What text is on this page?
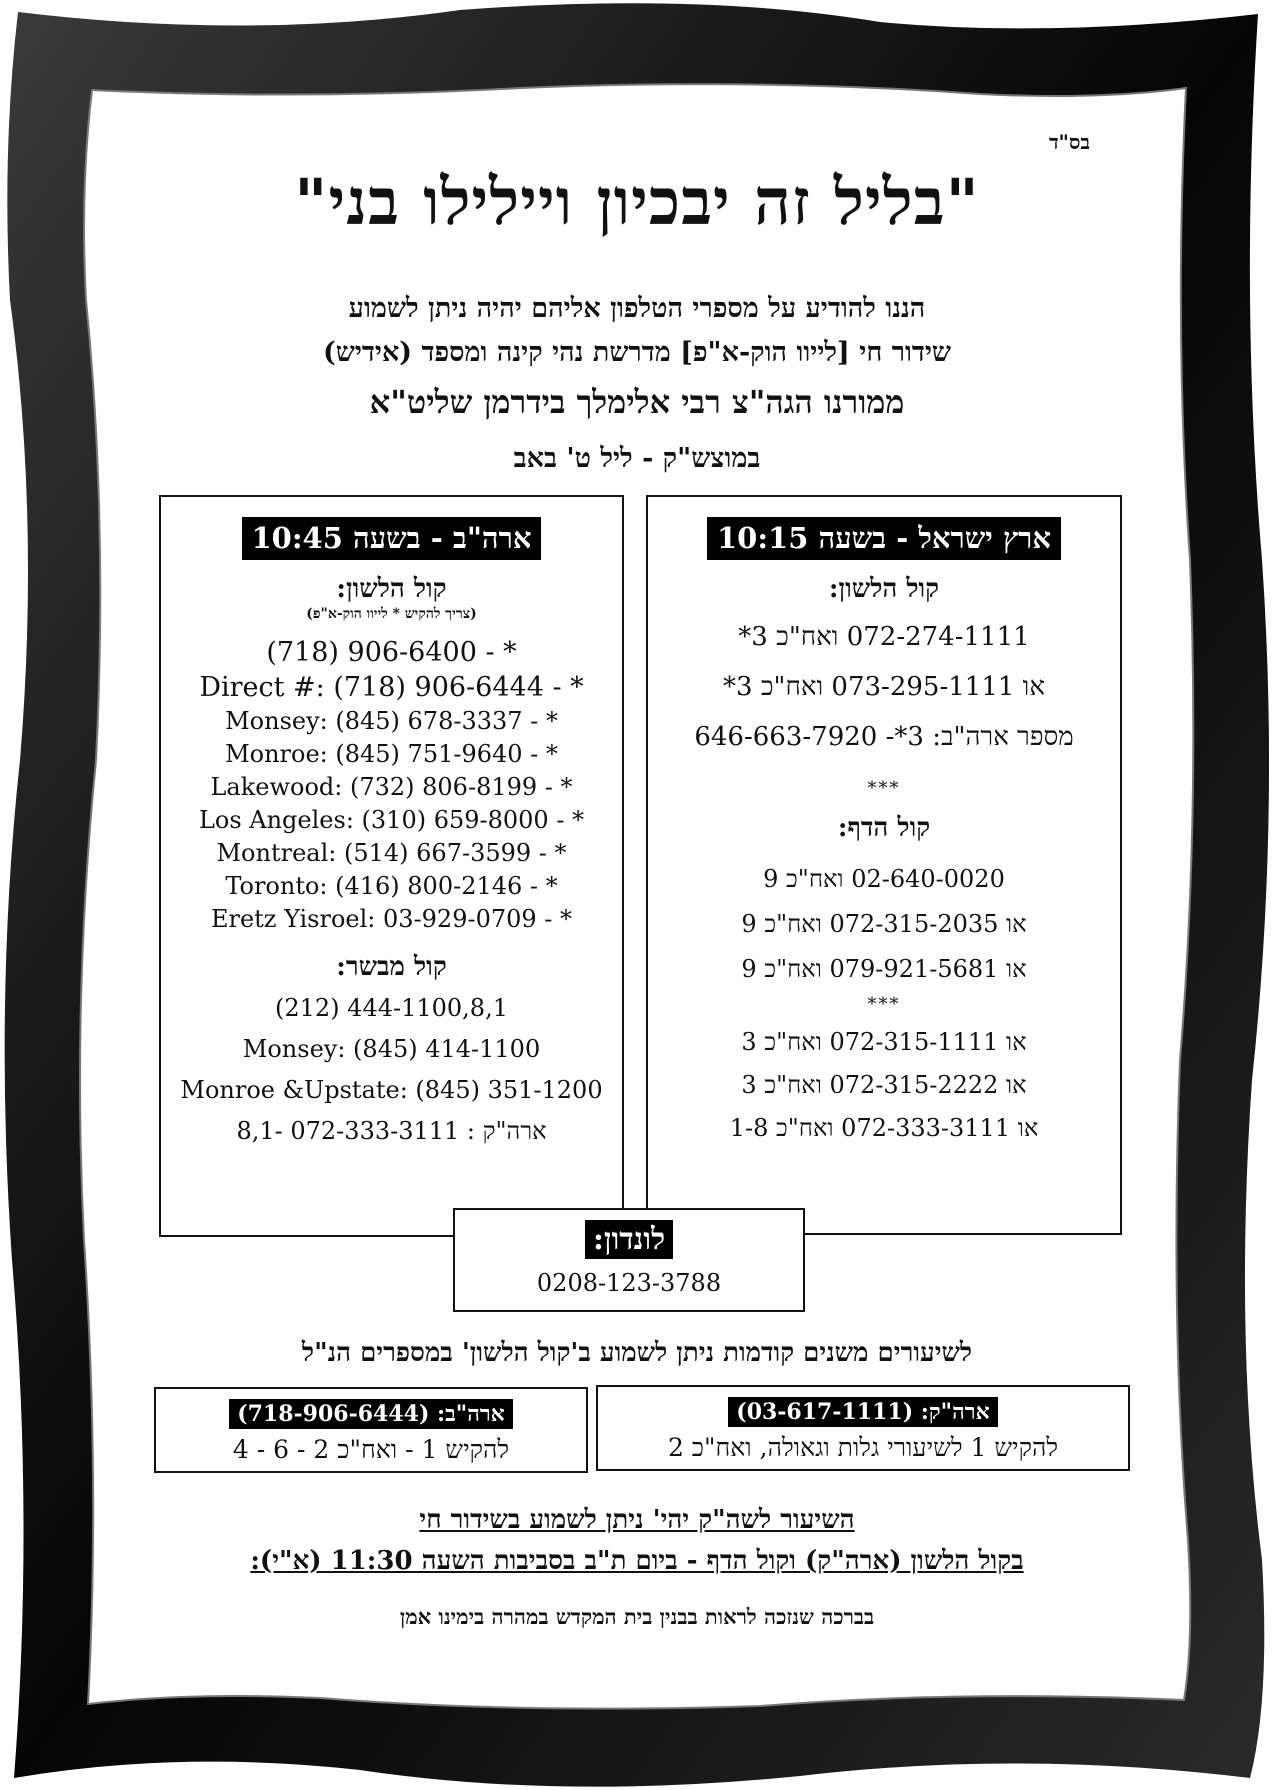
בס"ד
"בליל זה יבכיון ויילילו בני"
הננו להודיע על מספרי הטלפון אליהם יהיה ניתן לשמוע
שידור חי [לייוו הוק-א"פ] מדרשת נהי קינה ומספד (אידיש)
ממורנו הגה"צ רבי אלימלך בידרמן שליט"א
במוצש"ק - ליל ט' באב
ארץ ישראל - בשעה 10:15
קול הלשון:
072-274-1111 ואח"כ 3*
או 073-295-1111 ואח"כ 3*
מספר ארה"ב: 3*- 646-663-7920
***
קול הדף:
02-640-0020 ואח"כ 9
או 072-315-2035 ואח"כ 9
או 079-921-5681 ואח"כ 9
***
או 072-315-1111 ואח"כ 3
או 072-315-2222 ואח"כ 3
או 072-333-3111 ואח"כ 1-8
ארה"ב - בשעה 10:45
קול הלשון:
(צריך להקיש * לייוו הוק-א"פ)
(718) 906-6400 - *
Direct #: (718) 906-6444 - *
Monsey: (845) 678-3337 - *
Monroe: (845) 751-9640 - *
Lakewood: (732) 806-8199 - *
Los Angeles: (310) 659-8000 - *
Montreal: (514) 667-3599 - *
Toronto: (416) 800-2146 - *
Eretz Yisroel: 03-929-0709 - *
קול מבשר:
(212) 444-1100,8,1
Monsey: (845) 414-1100
Monroe &Upstate: (845) 351-1200
ארה"ק : 072-333-3111 -8,1
לונדון:
0208-123-3788
לשיעורים משנים קודמות ניתן לשמוע ב'קול הלשון' במספרים הנ"ל
ארה"ק: (03-617-1111)
להקיש 1 לשיעורי גלות וגאולה, ואח"כ 2
ארה"ב: (718-906-6444)
להקיש 1 - ואח"כ 2 - 6 - 4
השיעור לשה"ק יהי' ניתן לשמוע בשידור חי
בקול הלשון (ארה"ק) וקול הדף - ביום ת"ב בסביבות השעה 11:30 (א"י):
בברכה שנזכה לראות בבנין בית המקדש במהרה בימינו אמן
